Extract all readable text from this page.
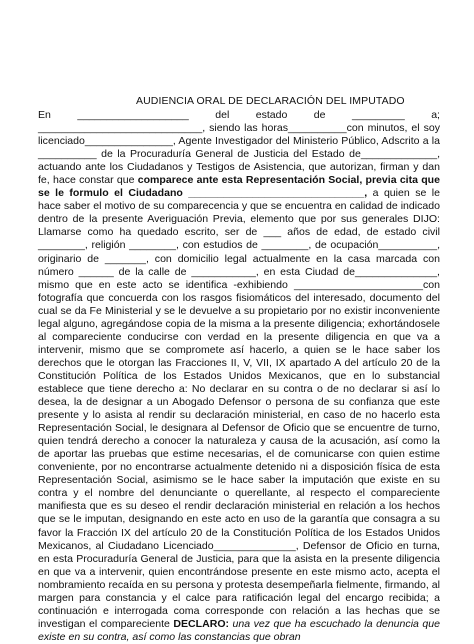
AUDIENCIA ORAL DE DECLARACIÓN DEL IMPUTADO
En ___________________ del estado de _________ a; ____________________________, siendo las horas__________con minutos, el soy licenciado_______________, Agente Investigador del Ministerio Público, Adscrito a la __________ de la Procuraduría General de Justicia del Estado de_____________, actuando ante los Ciudadanos y Testigos de Asistencia, que autorizan, firman y dan fe, hace constar que comparece ante esta Representación Social, previa cita que se le formulo el Ciudadano ______________________________, a quien se le hace saber el motivo de su comparecencia y que se encuentra en calidad de indicado dentro de la presente Averiguación Previa, elemento que por sus generales DIJO: Llamarse como ha quedado escrito, ser de ___ años de edad, de estado civil ________, religión ________, con estudios de ________, de ocupación__________, originario de _______, con domicilio legal actualmente en la casa marcada con número ______ de la calle de ___________, en esta Ciudad de______________, mismo que en este acto se identifica -exhibiendo ______________________con fotografía que concuerda con los rasgos fisiomáticos del interesado, documento del cual se da Fe Ministerial y se le devuelve a su propietario por no existir inconveniente legal alguno, agregándose copia de la misma a la presente diligencia; exhortándosele al compareciente conducirse con verdad en la presente diligencia en que va a intervenir, mismo que se compromete así hacerlo, a quien se le hace saber los derechos que le otorgan las Fracciones II, V, VII, IX apartado A del artículo 20 de la Constitución Política de los Estados Unidos Mexicanos, que en lo substancial establece que tiene derecho a: No declarar en su contra o de no declarar si así lo desea, la de designar a un Abogado Defensor o persona de su confianza que este presente y lo asista al rendir su declaración ministerial, en caso de no hacerlo esta Representación Social, le designara al Defensor de Oficio que se encuentre de turno, quien tendrá derecho a conocer la naturaleza y causa de la acusación, así como la de aportar las pruebas que estime necesarias, el de comunicarse con quien estime conveniente, por no encontrarse actualmente detenido ni a disposición física de esta Representación Social, asimismo se le hace saber la imputación que existe en su contra y el nombre del denunciante o querellante, al respecto el compareciente manifiesta que es su deseo el rendir declaración ministerial en relación a los hechos que se le imputan, designando en este acto en uso de la garantía que consagra a su favor la Fracción IX del artículo 20 de la Constitución Política de los Estados Unidos Mexicanos, al Ciudadano Licenciado______________, Defensor de Oficio en turna, en esta Procuraduría General de Justicia, para que la asista en la presente diligencia en que va a intervenir, quien encontrándose presente en este mismo acto, acepta el nombramiento recaída en su persona y protesta desempeñarla fielmente, firmando, al margen para constancia y el calce para ratificación legal del encargo recibida; a continuación e interrogada coma corresponde con relación a las hechas que se investigan el compareciente DECLARO: una vez que ha escuchado la denuncia que existe en su contra, así como las constancias que obran
